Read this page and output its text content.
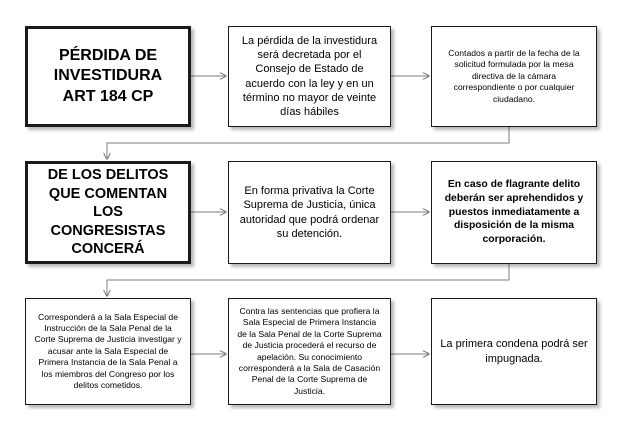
PÉRDIDA DE INVESTIDURA ART 184 CP
La pérdida de la investidura será decretada por el Consejo de Estado de acuerdo con la ley y en un término no mayor de veinte días hábiles
Contados a partir de la fecha de la solicitud formulada por la mesa directiva de la cámara correspondiente o por cualquier ciudadano.
DE LOS DELITOS QUE COMENTAN LOS CONGRESISTAS CONCERÁ
En forma privativa la Corte Suprema de Justicia, única autoridad que podrá ordenar su detención.
En caso de flagrante delito deberán ser aprehendidos y puestos inmediatamente a disposición de la misma corporación.
Corresponderá a la Sala Especial de Instrucción de la Sala Penal de la Corte Suprema de Justicia investigar y acusar ante la Sala Especial de Primera Instancia de la Sala Penal a los miembros del Congreso por los delitos cometidos.
Contra las sentencias que profiera la Sala Especial de Primera Instancia de la Sala Penal de la Corte Suprema de Justicia procederá el recurso de apelación. Su conocimiento corresponderá a la Sala de Casación Penal de la Corte Suprema de Justicia.
La primera condena podrá ser impugnada.
